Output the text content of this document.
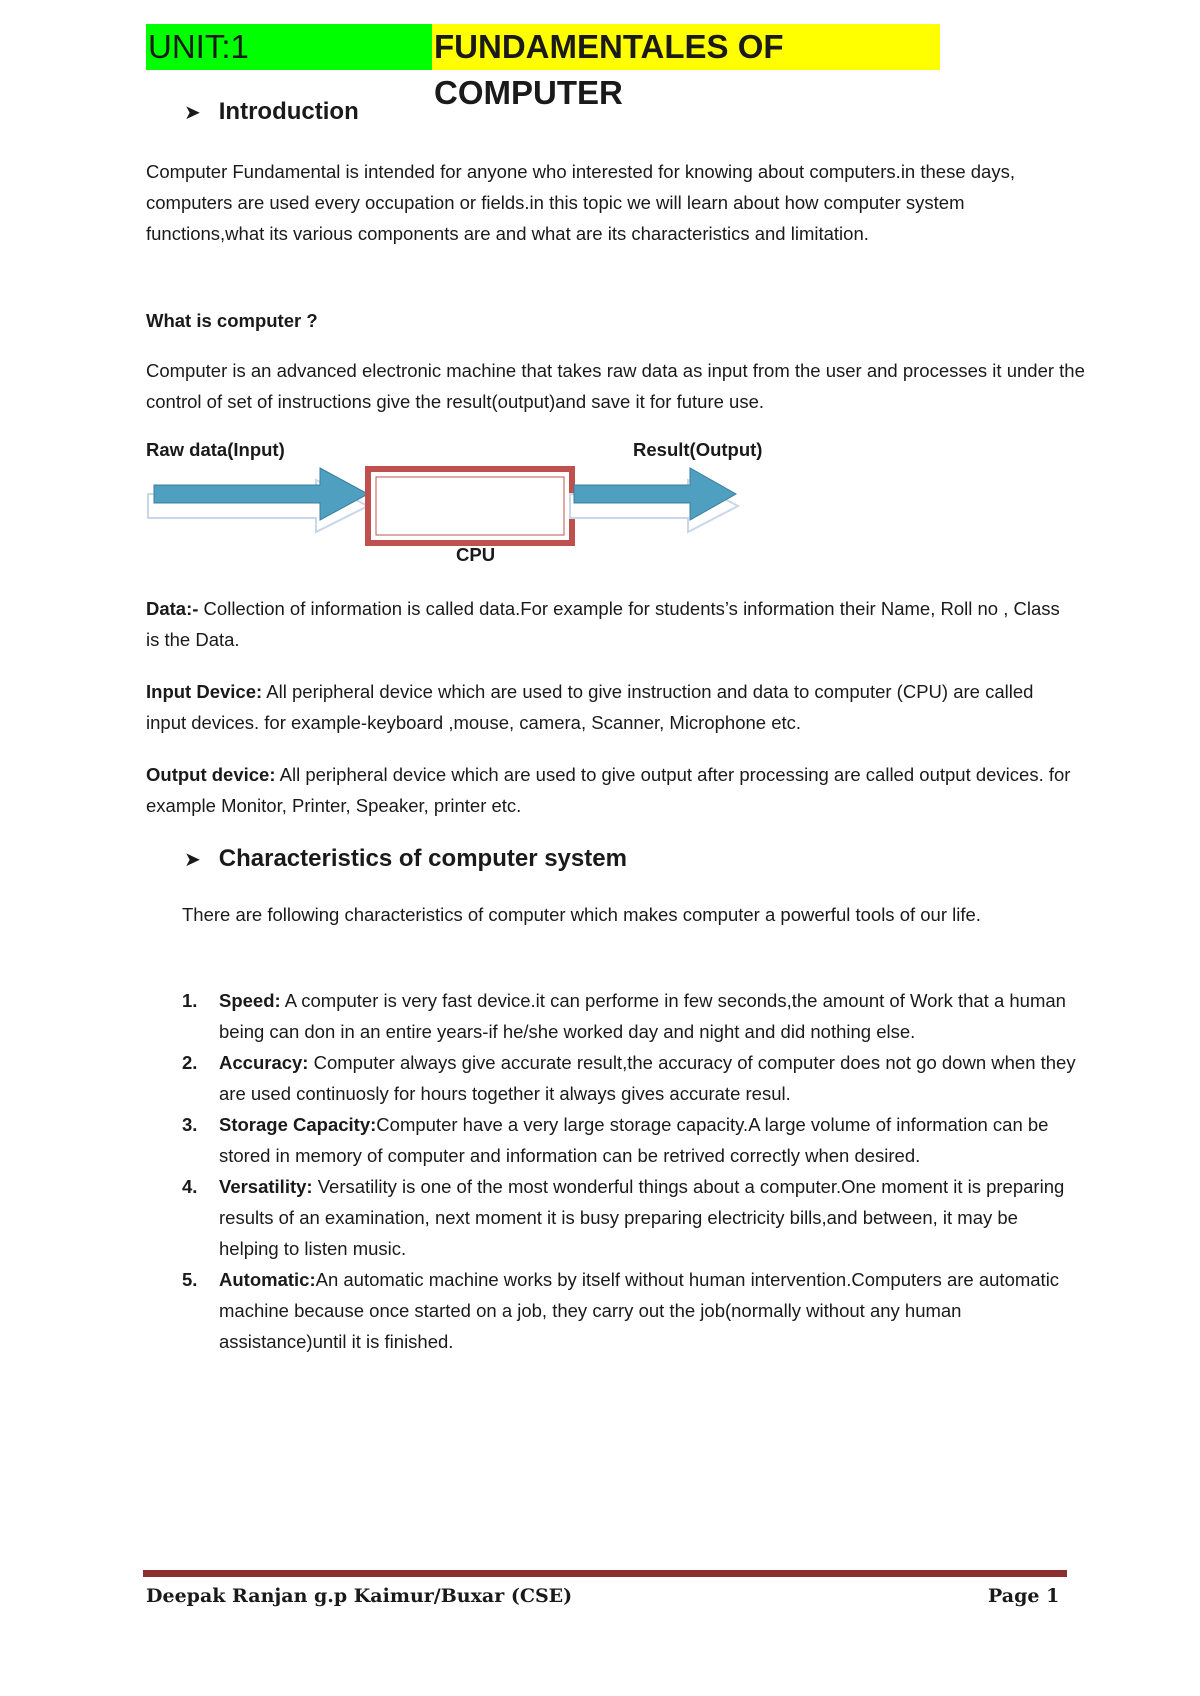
UNIT:1	FUNDAMENTALES OF COMPUTER
➤ Introduction

Computer Fundamental is intended for anyone who interested for knowing about computers.in these days, computers are used every occupation or fields.in this topic we will learn about how computer system functions,what its various components are and what are its characteristics and limitation.

What is computer ?

Computer is an advanced electronic machine that takes raw data as input from the user and processes it under the control of set of instructions give the result(output)and save it for future use.

Raw data(Input)	Result(Output)
CPU

Data:- Collection of information is called data.For example for students’s information their Name, Roll no , Class is the Data.

Input Device: All peripheral device which are used to give instruction and data to computer (CPU) are called input devices. for example-keyboard ,mouse, camera, Scanner, Microphone etc.

Output device: All peripheral device which are used to give output after processing are called output devices. for example Monitor, Printer, Speaker, printer etc.

➤ Characteristics of computer system

There are following characteristics of computer which makes computer a powerful tools of our life.

1. Speed: A computer is very fast device.it can performe in few seconds,the amount of Work that a human being can don in an entire years-if he/she worked day and night and did nothing else.
2. Accuracy: Computer always give accurate result,the accuracy of computer does not go down when they are used continuosly for hours together it always gives accurate resul.
3. Storage Capacity:Computer have a very large storage capacity.A large volume of information can be stored in memory of computer and information can be retrived correctly when desired.
4. Versatility: Versatility is one of the most wonderful things about a computer.One moment it is preparing results of an examination, next moment it is busy preparing electricity bills,and between, it may be helping to listen music.
5. Automatic:An automatic machine works by itself without human intervention.Computers are automatic machine because once started on a job, they carry out the job(normally without any human assistance)until it is finished.
Deepak Ranjan g.p Kaimur/Buxar (CSE)	Page 1
